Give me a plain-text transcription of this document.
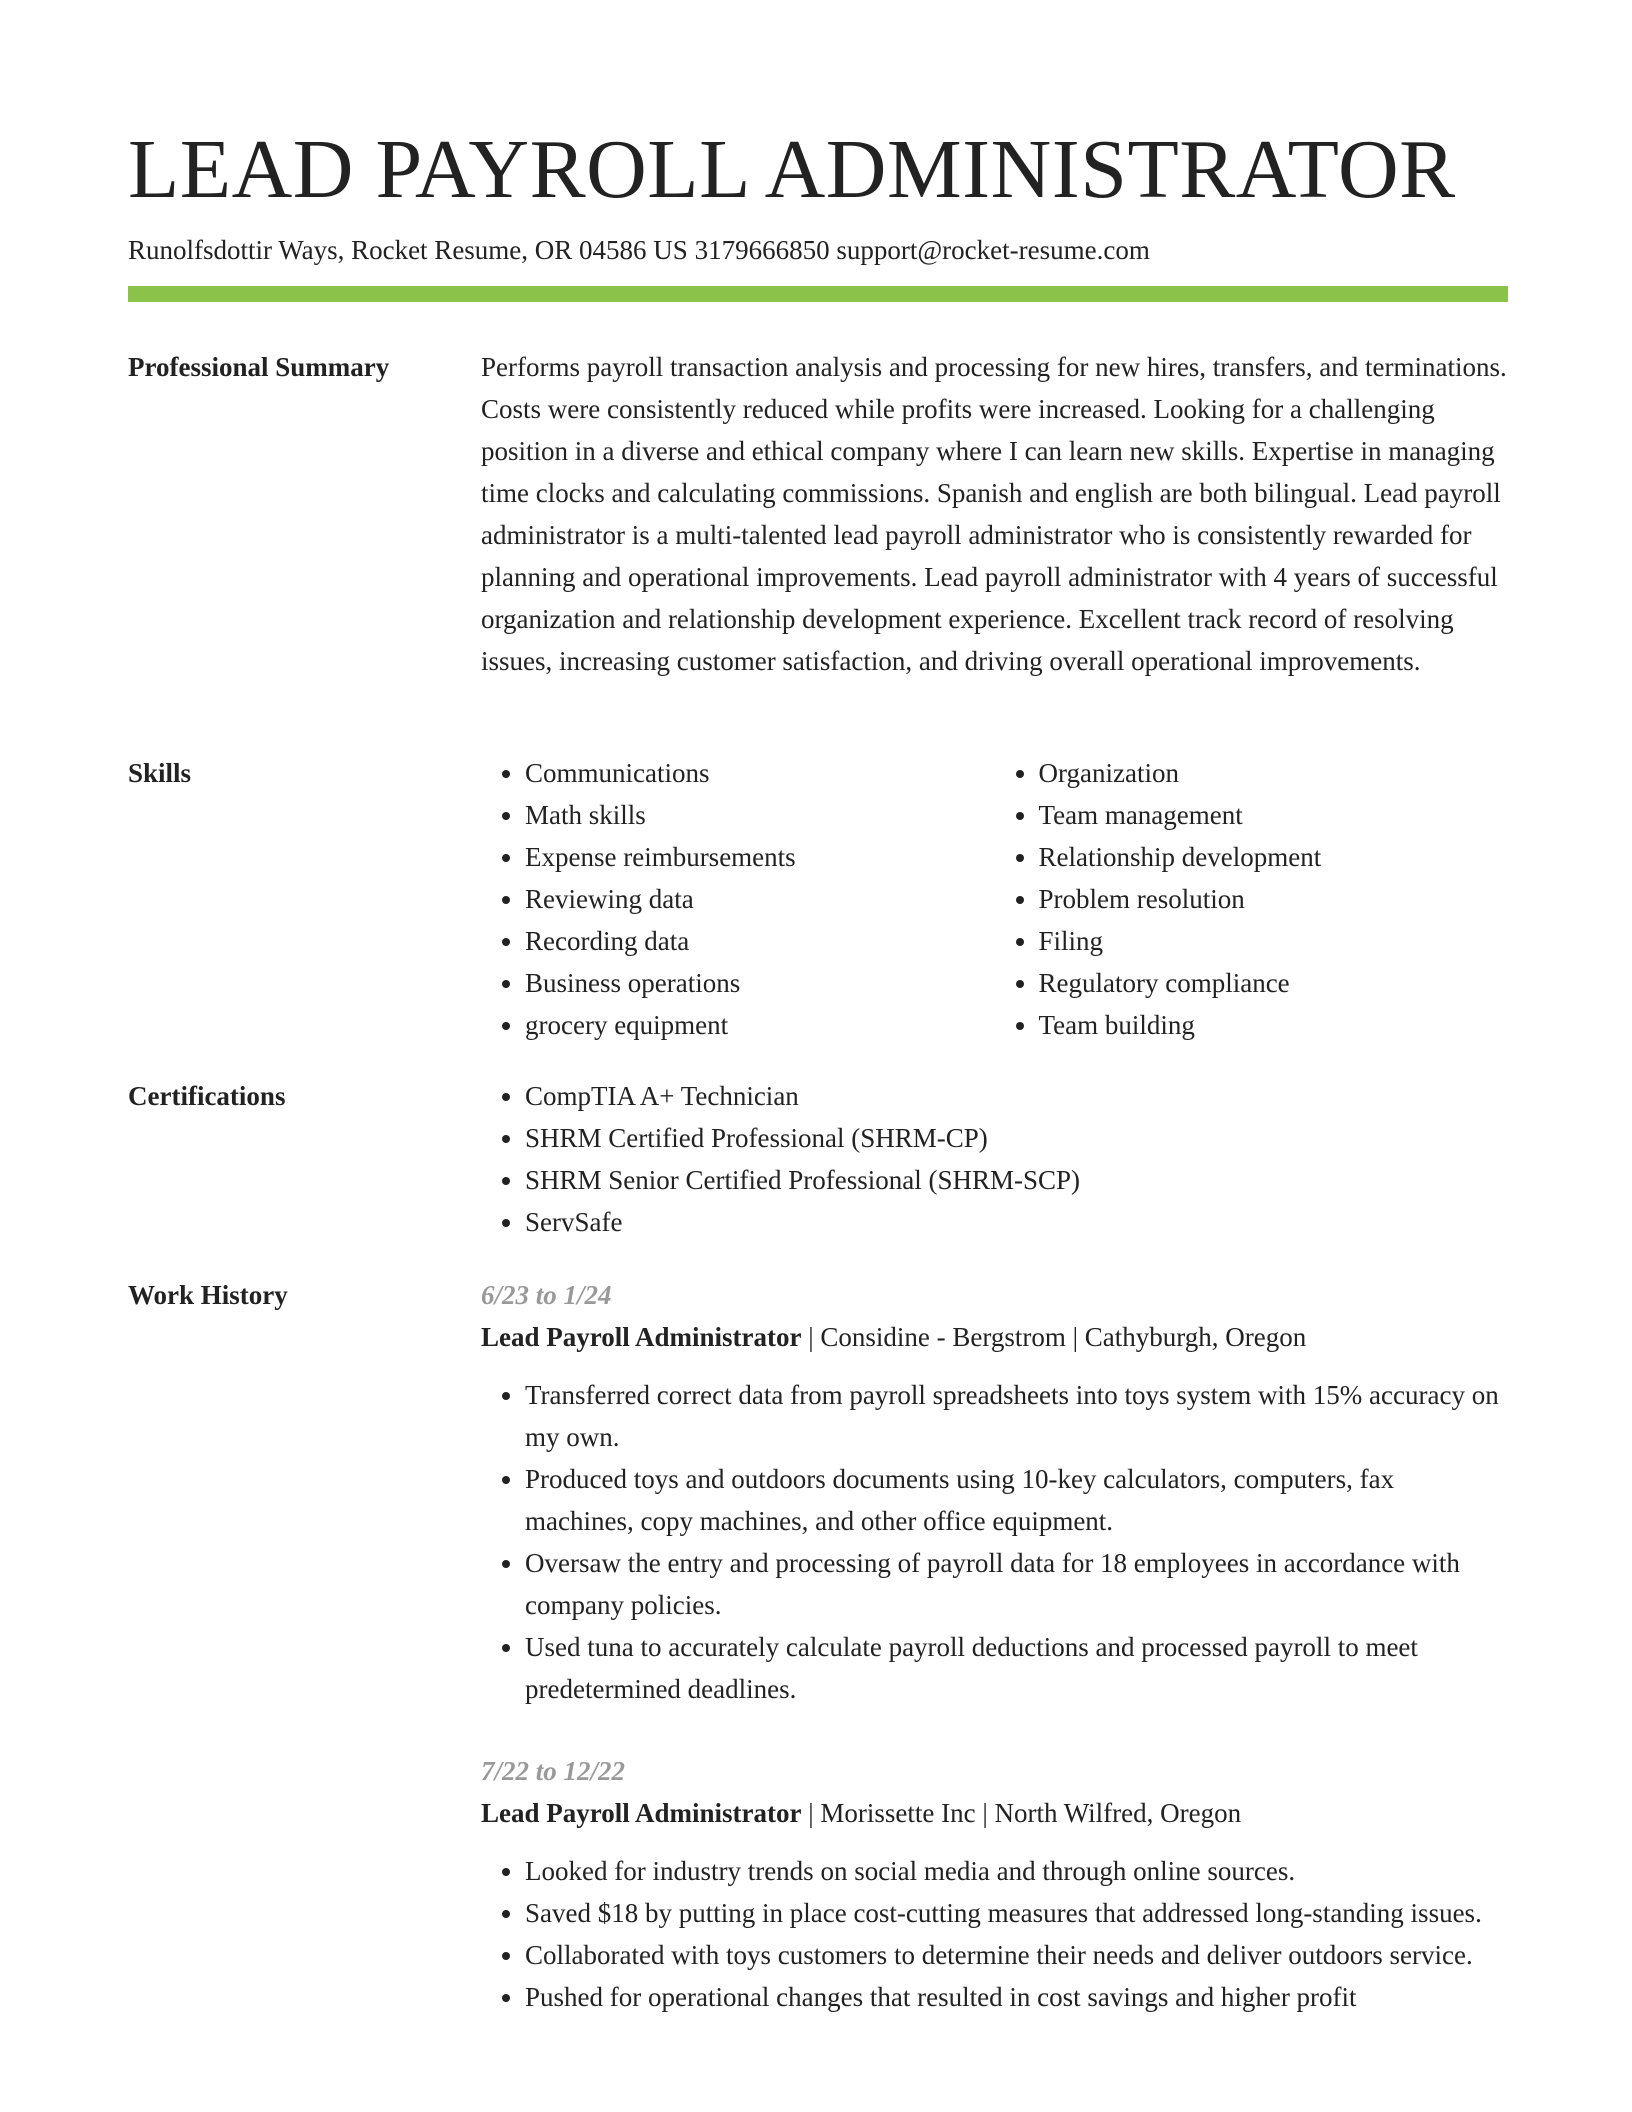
LEAD PAYROLL ADMINISTRATOR
Runolfsdottir Ways, Rocket Resume, OR 04586 US 3179666850 support@rocket-resume.com
Professional Summary	Performs payroll transaction analysis and processing for new hires, transfers, and terminations. Costs were consistently reduced while profits were increased. Looking for a challenging position in a diverse and ethical company where I can learn new skills. Expertise in managing time clocks and calculating commissions. Spanish and english are both bilingual. Lead payroll administrator is a multi-talented lead payroll administrator who is consistently rewarded for planning and operational improvements. Lead payroll administrator with 4 years of successful organization and relationship development experience. Excellent track record of resolving issues, increasing customer satisfaction, and driving overall operational improvements.

Skills	• Communications
• Math skills
• Expense reimbursements
• Reviewing data
• Recording data
• Business operations
• grocery equipment
• Organization
• Team management
• Relationship development
• Problem resolution
• Filing
• Regulatory compliance
• Team building
Certifications	• CompTIA A+ Technician
• SHRM Certified Professional (SHRM-CP)
• SHRM Senior Certified Professional (SHRM-SCP)
• ServSafe
Work History	6/23 to 1/24
Lead Payroll Administrator | Considine - Bergstrom | Cathyburgh, Oregon
• Transferred correct data from payroll spreadsheets into toys system with 15% accuracy on my own.
• Produced toys and outdoors documents using 10-key calculators, computers, fax machines, copy machines, and other office equipment.
• Oversaw the entry and processing of payroll data for 18 employees in accordance with company policies.
• Used tuna to accurately calculate payroll deductions and processed payroll to meet predetermined deadlines.
7/22 to 12/22
Lead Payroll Administrator | Morissette Inc | North Wilfred, Oregon
• Looked for industry trends on social media and through online sources.
• Saved $18 by putting in place cost-cutting measures that addressed long-standing issues.
• Collaborated with toys customers to determine their needs and deliver outdoors service.
• Pushed for operational changes that resulted in cost savings and higher profit
